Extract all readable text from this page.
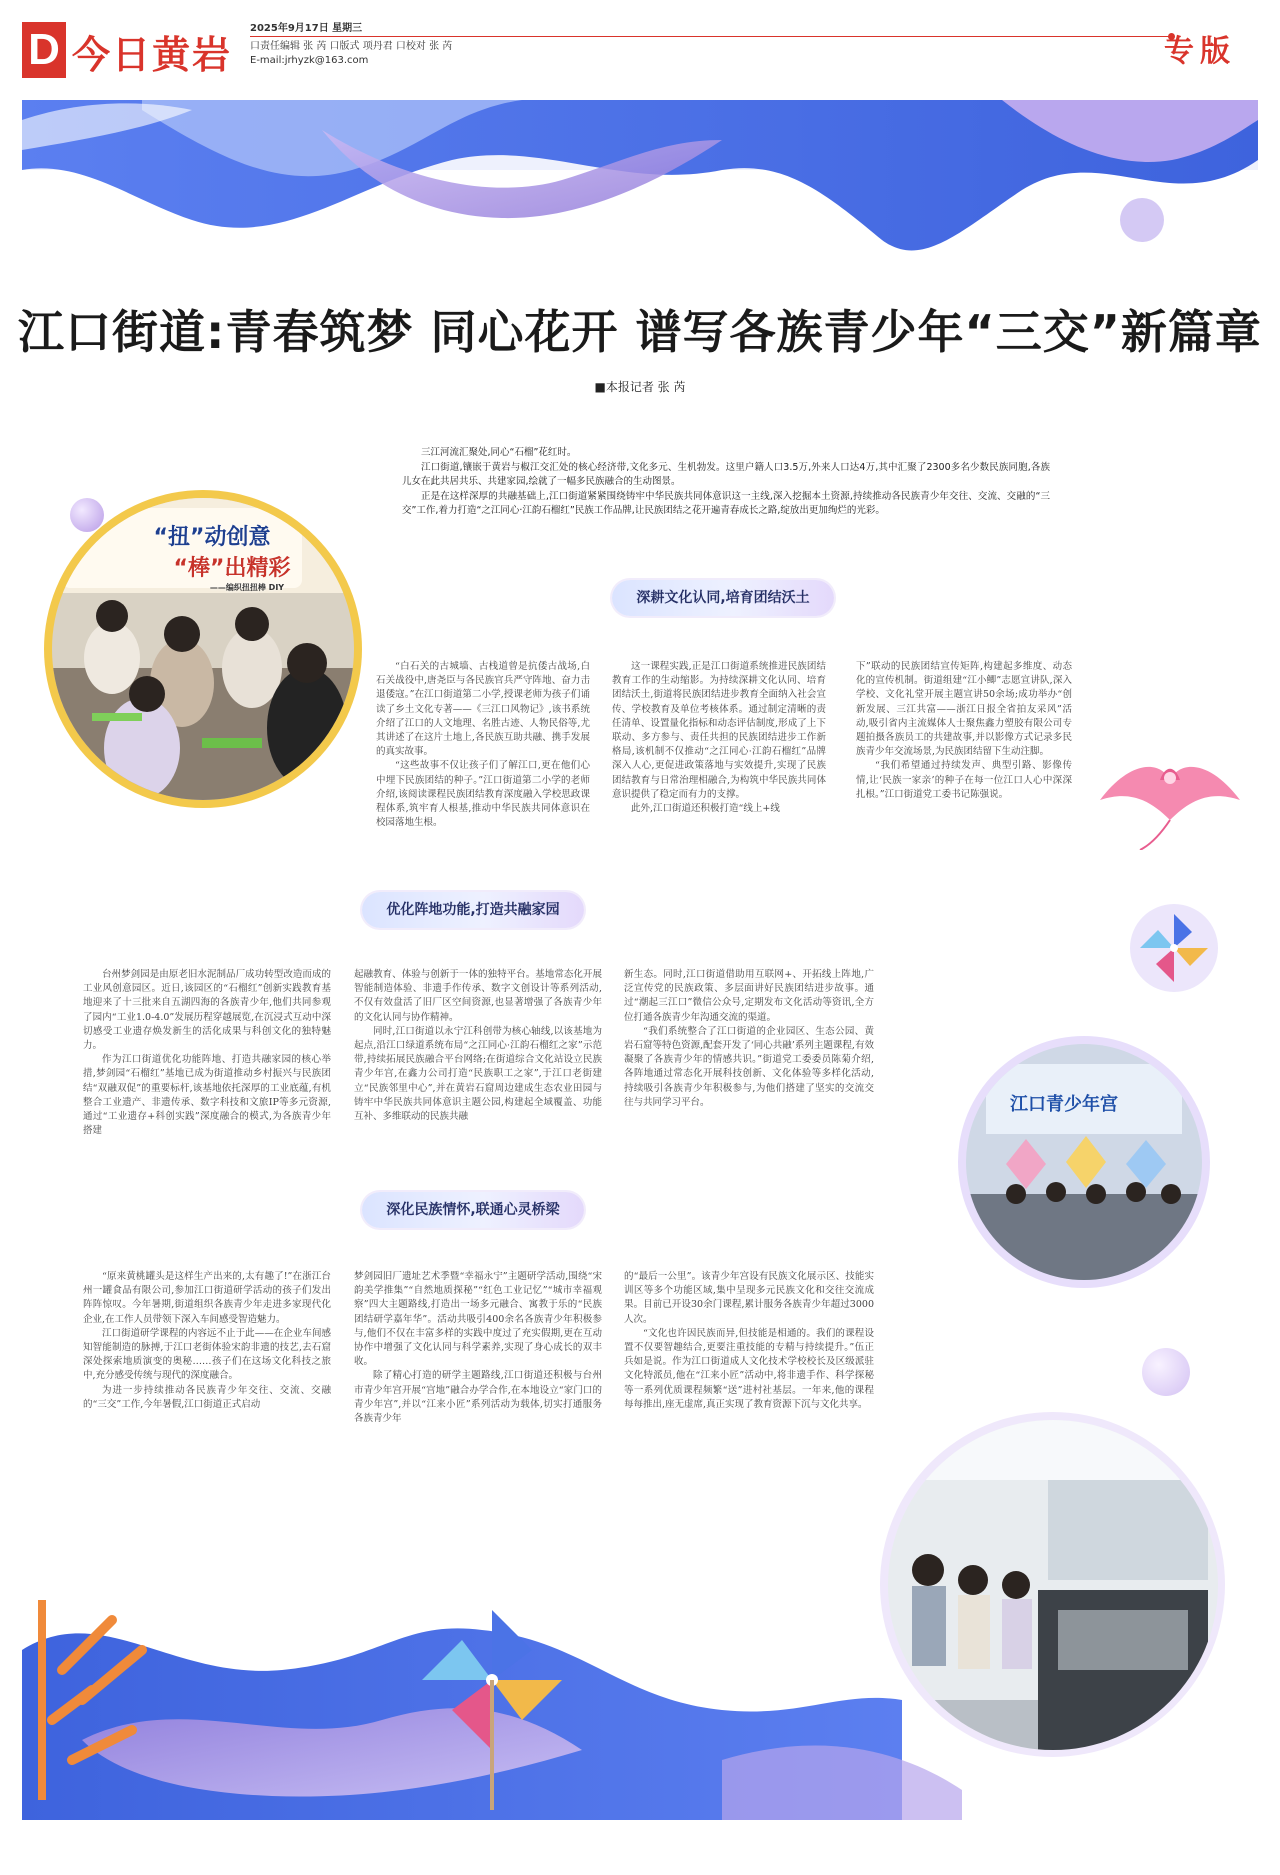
D 今日黄岩
2025年9月17日 星期三
口责任编辑 张 芮 口版式 项丹君 口校对 张 芮
E-mail:jrhyzk@163.com	专版
江口街道:青春筑梦 同心花开 谱写各族青少年“三交”新篇章
■本报记者 张 芮

三江河流汇聚处,同心“石榴”花红时。

江口街道,镶嵌于黄岩与椒江交汇处的核心经济带,文化多元、生机勃发。这里户籍人口3.5万,外来人口达4万,其中汇聚了2300多名少数民族同胞,各族儿女在此共居共乐、共建家园,绘就了一幅多民族融合的生动图景。

正是在这样深厚的共融基础上,江口街道紧紧围绕铸牢中华民族共同体意识这一主线,深入挖掘本土资源,持续推动各民族青少年交往、交流、交融的“三交”工作,着力打造“之江同心·江韵石榴红”民族工作品牌,让民族团结之花开遍青春成长之路,绽放出更加绚烂的光彩。

“扭”动创意
“棒”出精彩
——编织扭扭棒 DIY
深耕文化认同,培育团结沃土

“白石关的古城墙、古栈道曾是抗倭古战场,白石关战役中,唐尧臣与各民族官兵严守阵地、奋力击退倭寇。”在江口街道第二小学,授课老师为孩子们诵读了乡土文化专著——《三江口风物记》,该书系统介绍了江口的人文地理、名胜古迹、人物民俗等,尤其讲述了在这片土地上,各民族互助共融、携手发展的真实故事。

“这些故事不仅让孩子们了解江口,更在他们心中埋下民族团结的种子。”江口街道第二小学的老师介绍,该阅读课程民族团结教育深度融入学校思政课程体系,筑牢育人根基,推动中华民族共同体意识在校园落地生根。

这一课程实践,正是江口街道系统推进民族团结教育工作的生动缩影。为持续深耕文化认同、培育团结沃土,街道将民族团结进步教育全面纳入社会宣传、学校教育及单位考核体系。通过制定清晰的责任清单、设置量化指标和动态评估制度,形成了上下联动、多方参与、责任共担的民族团结进步工作新格局,该机制不仅推动“之江同心·江韵石榴红”品牌深入人心,更促进政策落地与实效提升,实现了民族团结教育与日常治理相融合,为构筑中华民族共同体意识提供了稳定而有力的支撑。

此外,江口街道还积极打造“线上+线

下”联动的民族团结宣传矩阵,构建起多维度、动态化的宣传机制。街道组建“江小鲫”志愿宣讲队,深入学校、文化礼堂开展主题宣讲50余场;成功举办“创新发展、三江共富——浙江日报全省拍友采风”活动,吸引省内主流媒体人士聚焦鑫力塑胶有限公司专题拍摄各族员工的共建故事,并以影像方式记录多民族青少年交流场景,为民族团结留下生动注脚。

“我们希望通过持续发声、典型引路、影像传情,让‘民族一家亲’的种子在每一位江口人心中深深扎根。”江口街道党工委书记陈强说。

优化阵地功能,打造共融家园

台州梦剑园是由原老旧水泥制品厂成功转型改造而成的工业风创意园区。近日,该园区的“石榴红”创新实践教育基地迎来了十三批来自五湖四海的各族青少年,他们共同参观了园内“工业1.0-4.0”发展历程穿越展览,在沉浸式互动中深切感受工业遗存焕发新生的活化成果与科创文化的独特魅力。

作为江口街道优化功能阵地、打造共融家园的核心举措,梦剑园“石榴红”基地已成为街道推动乡村振兴与民族团结“双融双促”的重要标杆,该基地依托深厚的工业底蕴,有机整合工业遗产、非遗传承、数字科技和文旅IP等多元资源,通过“工业遗存+科创实践”深度融合的模式,为各族青少年搭建

起融教育、体验与创新于一体的独特平台。基地常态化开展智能制造体验、非遗手作传承、数字文创设计等系列活动,不仅有效盘活了旧厂区空间资源,也显著增强了各族青少年的文化认同与协作精神。

同时,江口街道以永宁江科创带为核心轴线,以该基地为起点,沿江口绿道系统布局“之江同心·江韵石榴红之家”示范带,持续拓展民族融合平台网络;在街道综合文化站设立民族青少年宫,在鑫力公司打造“民族职工之家”,于江口老街建立“民族邻里中心”,并在黄岩石窟周边建成生态农业田园与铸牢中华民族共同体意识主题公园,构建起全域覆盖、功能互补、多维联动的民族共融

新生态。同时,江口街道借助用互联网+、开拓线上阵地,广泛宣传党的民族政策、多层面讲好民族团结进步故事。通过“潮起三江口”微信公众号,定期发布文化活动等资讯,全方位打通各族青少年沟通交流的渠道。

“我们系统整合了江口街道的企业园区、生态公园、黄岩石窟等特色资源,配套开发了‘同心共融’系列主题课程,有效凝聚了各族青少年的情感共识。”街道党工委委员陈菊介绍,各阵地通过常态化开展科技创新、文化体验等多样化活动,持续吸引各族青少年积极参与,为他们搭建了坚实的交流交往与共同学习平台。	江口青少年宫
深化民族情怀,联通心灵桥梁

“原来黄桃罐头是这样生产出来的,太有趣了!”在浙江台州一罐食品有限公司,参加江口街道研学活动的孩子们发出阵阵惊叹。今年暑期,街道组织各族青少年走进多家现代化企业,在工作人员带领下深入车间感受智造魅力。

江口街道研学课程的内容远不止于此——在企业车间感知智能制造的脉搏,于江口老街体验宋韵非遗的技艺,去石窟深处探索地质演变的奥秘……孩子们在这场文化科技之旅中,充分感受传统与现代的深度融合。

为进一步持续推动各民族青少年交往、交流、交融的“三交”工作,今年暑假,江口街道正式启动

梦剑园旧厂遗址艺术季暨“幸福永宁”主题研学活动,围绕“宋韵美学推集”“自然地质探秘”“红色工业记忆”“城市幸福观察”四大主题路线,打造出一场多元融合、寓教于乐的“民族团结研学嘉年华”。活动共吸引400余名各族青少年积极参与,他们不仅在丰富多样的实践中度过了充实假期,更在互动协作中增强了文化认同与科学素养,实现了身心成长的双丰收。

除了精心打造的研学主题路线,江口街道还积极与台州市青少年宫开展“宫地”融合办学合作,在本地设立“家门口的青少年宫”,并以“江来小匠”系列活动为载体,切实打通服务各族青少年

的“最后一公里”。该青少年宫设有民族文化展示区、技能实训区等多个功能区域,集中呈现多元民族文化和交往交流成果。目前已开设30余门课程,累计服务各族青少年超过3000人次。

“文化也许因民族而异,但技能是相通的。我们的课程设置不仅要智趣结合,更要注重技能的专精与持续提升。”伍正兵如是说。作为江口街道成人文化技术学校校长及区级派驻文化特派员,他在“江来小匠”活动中,将非遗手作、科学探秘等一系列优质课程频繁“送”进村社基层。一年来,他的课程每每推出,座无虚席,真正实现了教育资源下沉与文化共享。
